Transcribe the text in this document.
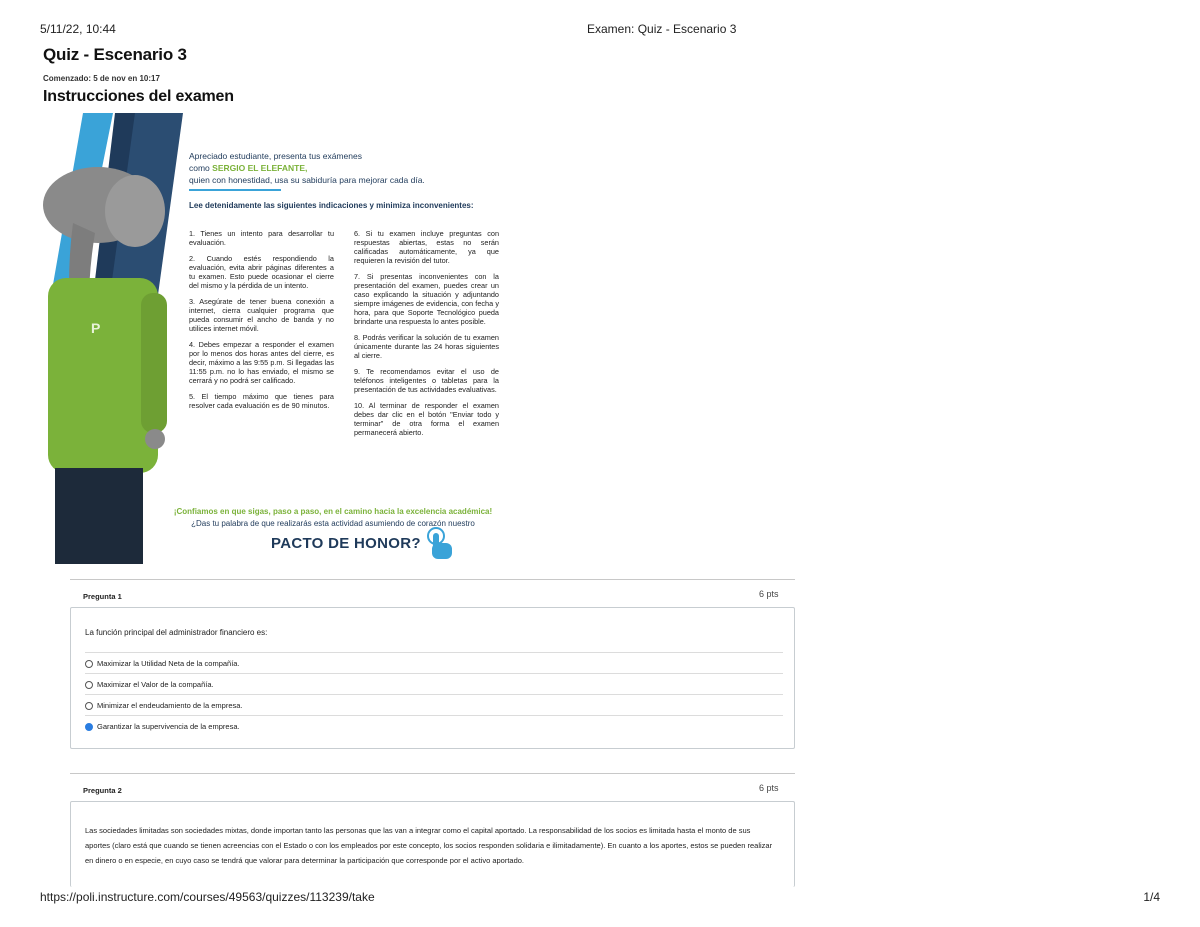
5/11/22, 10:44	Examen: Quiz - Escenario 3
Quiz - Escenario 3
Comenzado: 5 de nov en 10:17
Instrucciones del examen
P
Apreciado estudiante, presenta tus exámenes
como SERGIO EL ELEFANTE,
quien con honestidad, usa su sabiduría para mejorar cada día.
Lee detenidamente las siguientes indicaciones y minimiza inconvenientes:

1. Tienes un intento para desarrollar tu evaluación.

2. Cuando estés respondiendo la evaluación, evita abrir páginas diferentes a tu examen. Esto puede ocasionar el cierre del mismo y la pérdida de un intento.

3. Asegúrate de tener buena conexión a internet, cierra cualquier programa que pueda consumir el ancho de banda y no utilices internet móvil.

4. Debes empezar a responder el examen por lo menos dos horas antes del cierre, es decir, máximo a las 9:55 p.m. Si llegadas las 11:55 p.m. no lo has enviado, el mismo se cerrará y no podrá ser calificado.

5. El tiempo máximo que tienes para resolver cada evaluación es de 90 minutos.

6. Si tu examen incluye preguntas con respuestas abiertas, estas no serán calificadas automáticamente, ya que requieren la revisión del tutor.

7. Si presentas inconvenientes con la presentación del examen, puedes crear un caso explicando la situación y adjuntando siempre imágenes de evidencia, con fecha y hora, para que Soporte Tecnológico pueda brindarte una respuesta lo antes posible.

8. Podrás verificar la solución de tu examen únicamente durante las 24 horas siguientes al cierre.

9. Te recomendamos evitar el uso de teléfonos inteligentes o tabletas para la presentación de tus actividades evaluativas.

10. Al terminar de responder el examen debes dar clic en el botón "Enviar todo y terminar" de otra forma el examen permanecerá abierto.

¡Confiamos en que sigas, paso a paso, en el camino hacia la excelencia académica!
¿Das tu palabra de que realizarás esta actividad asumiendo de corazón nuestro
PACTO DE HONOR?
Pregunta 1	6 pts
La función principal del administrador financiero es:
Maximizar la Utilidad Neta de la compañía.
Maximizar el Valor de la compañía.
Minimizar el endeudamiento de la empresa.
Garantizar la supervivencia de la empresa.
Pregunta 2	6 pts
Las sociedades limitadas son sociedades mixtas, donde importan tanto las personas que las van a integrar como el capital aportado. La responsabilidad de los socios es limitada hasta el monto de sus aportes (claro está que cuando se tienen acreencias con el Estado o con los empleados por este concepto, los socios responden solidaria e ilimitadamente). En cuanto a los aportes, estos se pueden realizar en dinero o en especie, en cuyo caso se tendrá que valorar para determinar la participación que corresponde por el activo aportado.
https://poli.instructure.com/courses/49563/quizzes/113239/take	1/4
